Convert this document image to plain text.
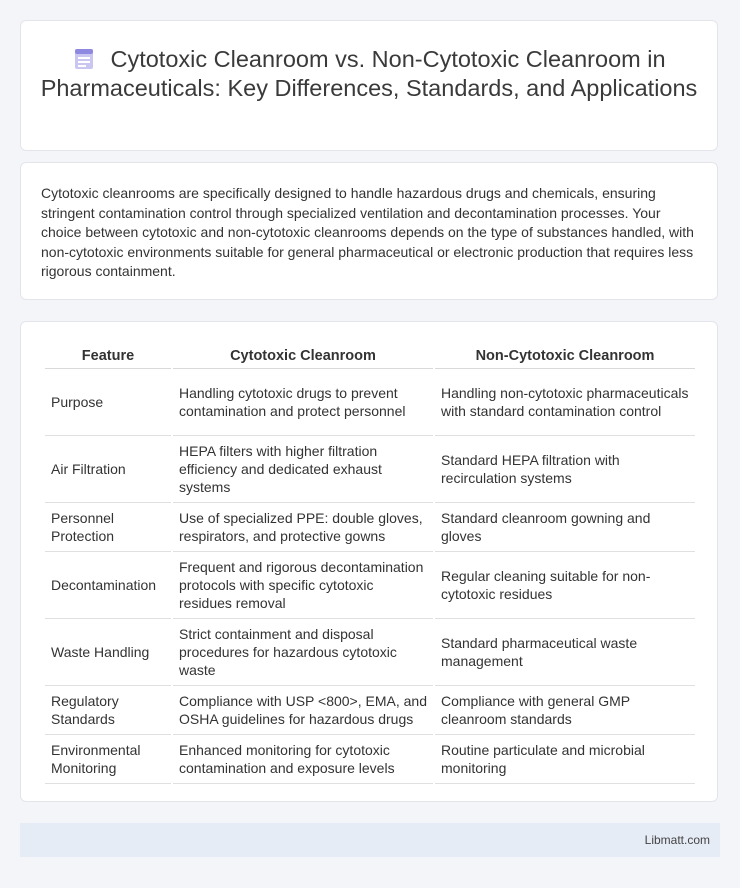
Cytotoxic Cleanroom vs. Non-Cytotoxic Cleanroom in Pharmaceuticals: Key Differences, Standards, and Applications
Cytotoxic cleanrooms are specifically designed to handle hazardous drugs and chemicals, ensuring stringent contamination control through specialized ventilation and decontamination processes. Your choice between cytotoxic and non-cytotoxic cleanrooms depends on the type of substances handled, with non-cytotoxic environments suitable for general pharmaceutical or electronic production that requires less rigorous containment.
Feature	Cytotoxic Cleanroom	Non-Cytotoxic Cleanroom
Purpose	Handling cytotoxic drugs to prevent contamination and protect personnel	Handling non-cytotoxic pharmaceuticals with standard contamination control
Air Filtration	HEPA filters with higher filtration efficiency and dedicated exhaust systems	Standard HEPA filtration with recirculation systems
Personnel Protection	Use of specialized PPE: double gloves, respirators, and protective gowns	Standard cleanroom gowning and gloves
Decontamination	Frequent and rigorous decontamination protocols with specific cytotoxic residues removal	Regular cleaning suitable for non-cytotoxic residues
Waste Handling	Strict containment and disposal procedures for hazardous cytotoxic waste	Standard pharmaceutical waste management
Regulatory Standards	Compliance with USP <800>, EMA, and OSHA guidelines for hazardous drugs	Compliance with general GMP cleanroom standards
Environmental Monitoring	Enhanced monitoring for cytotoxic contamination and exposure levels	Routine particulate and microbial monitoring
Libmatt.com
